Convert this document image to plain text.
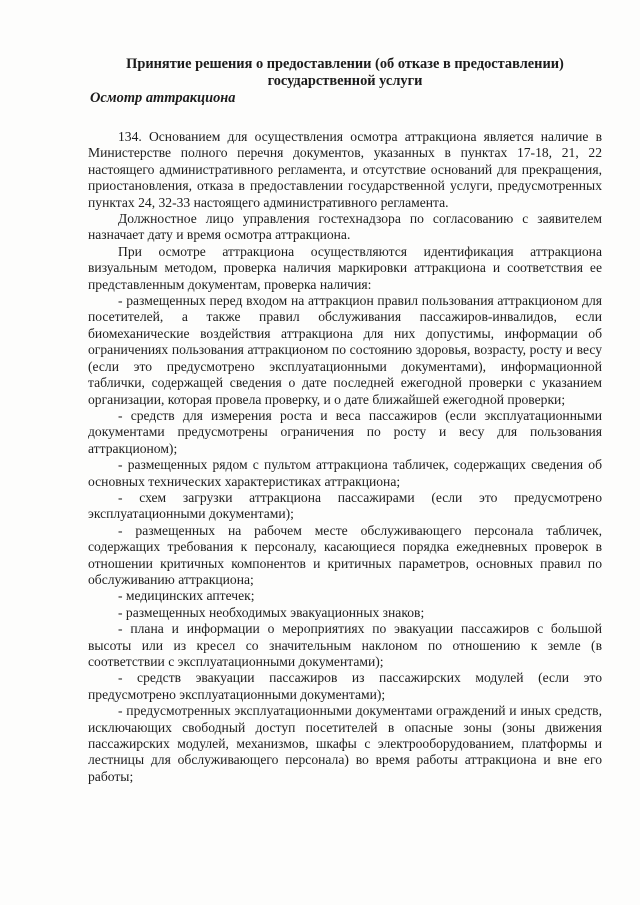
Принятие решения о предоставлении (об отказе в предоставлении)

государственной услуги

Осмотр аттракциона

134. Основанием для осуществления осмотра аттракциона является наличие в Министерстве полного перечня документов, указанных в пунктах 17-18, 21, 22 настоящего административного регламента, и отсутствие оснований для прекращения, приостановления, отказа в предоставлении государственной услуги, предусмотренных пунктах 24, 32-33 настоящего административного регламента.

Должностное лицо управления гостехнадзора по согласованию с заявителем назначает дату и время осмотра аттракциона.

При осмотре аттракциона осуществляются идентификация аттракциона визуальным методом, проверка наличия маркировки аттракциона и соответствия ее представленным документам, проверка наличия:

- размещенных перед входом на аттракцион правил пользования аттракционом для посетителей, а также правил обслуживания пассажиров-инвалидов, если биомеханические воздействия аттракциона для них допустимы, информации об ограничениях пользования аттракционом по состоянию здоровья, возрасту, росту и весу (если это предусмотрено эксплуатационными документами), информационной таблички, содержащей сведения о дате последней ежегодной проверки с указанием организации, которая провела проверку, и о дате ближайшей ежегодной проверки;

- средств для измерения роста и веса пассажиров (если эксплуатационными документами предусмотрены ограничения по росту и весу для пользования аттракционом);

- размещенных рядом с пультом аттракциона табличек, содержащих сведения об основных технических характеристиках аттракциона;

- схем загрузки аттракциона пассажирами (если это предусмотрено эксплуатационными документами);

- размещенных на рабочем месте обслуживающего персонала табличек, содержащих требования к персоналу, касающиеся порядка ежедневных проверок в отношении критичных компонентов и критичных параметров, основных правил по обслуживанию аттракциона;

- медицинских аптечек;

- размещенных необходимых эвакуационных знаков;

- плана и информации о мероприятиях по эвакуации пассажиров с большой высоты или из кресел со значительным наклоном по отношению к земле (в соответствии с эксплуатационными документами);

- средств эвакуации пассажиров из пассажирских модулей (если это предусмотрено эксплуатационными документами);

- предусмотренных эксплуатационными документами ограждений и иных средств, исключающих свободный доступ посетителей в опасные зоны (зоны движения пассажирских модулей, механизмов, шкафы с электрооборудованием, платформы и лестницы для обслуживающего персонала) во время работы аттракциона и вне его работы;
